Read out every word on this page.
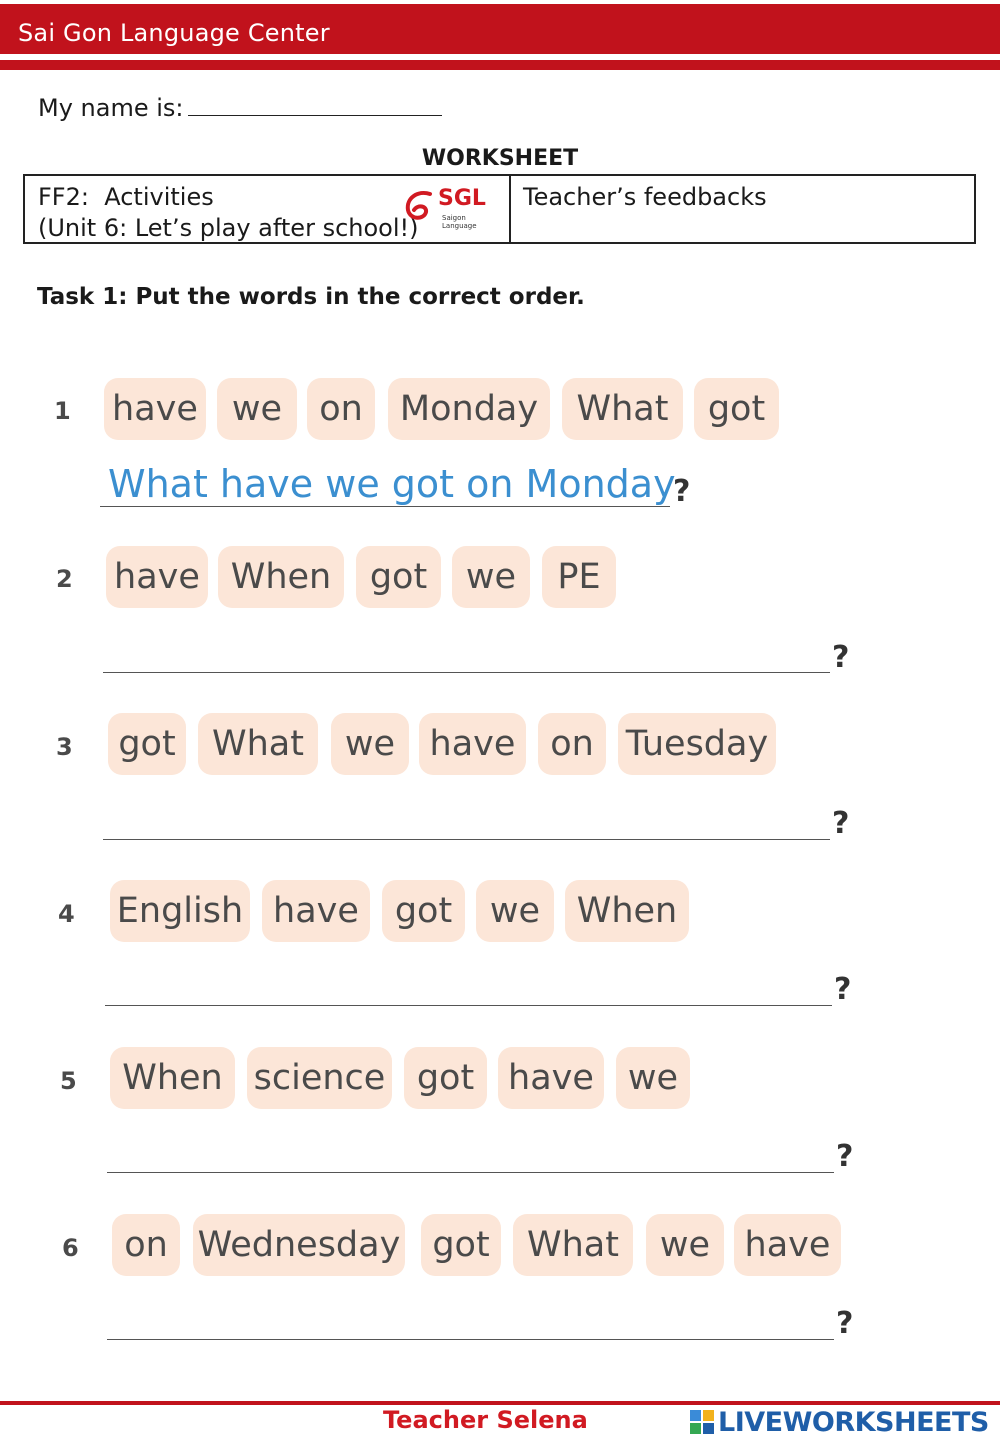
Sai Gon Language Center
My name is:
WORKSHEET
FF2:  Activities
(Unit 6: Let’s play after school!)
SGL
Saigon Language
Teacher’s feedbacks
Task 1: Put the words in the correct order.
1 have we	on	Monday	What	got
What have we got on Monday
?
2 have When	got	we	PE
?
3 got	What	we have on Tuesday
?
4 English have	got	we	When
?
5	When science got have we
?
6	on Wednesday got	What	we have
?
Teacher Selena	LIVEWORKSHEETS
